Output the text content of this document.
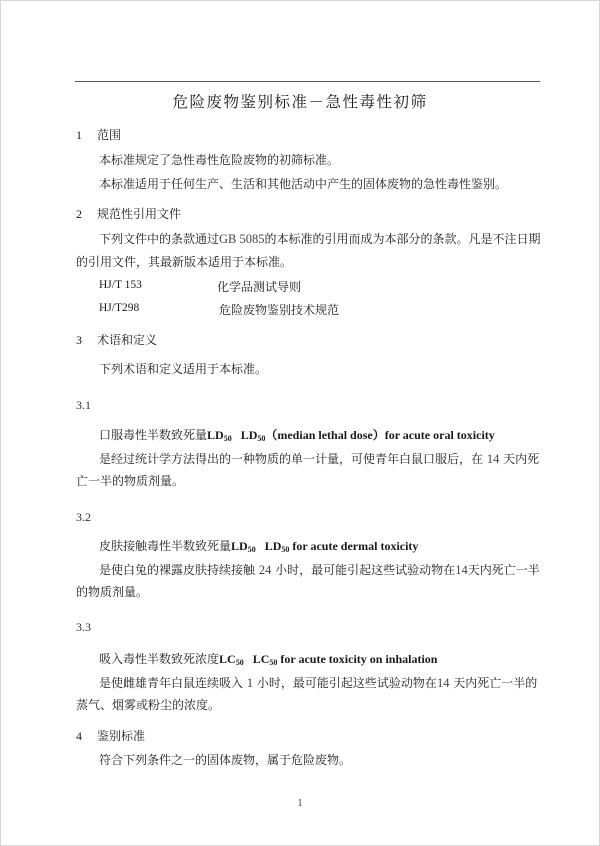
危险废物鉴别标准－急性毒性初筛
1 范围
本标准规定了急性毒性危险废物的初筛标准。
本标准适用于任何生产、生活和其他活动中产生的固体废物的急性毒性鉴别。
2 规范性引用文件
下列文件中的条款通过GB 5085的本标准的引用而成为本部分的条款。凡是不注日期
的引用文件，其最新版本适用于本标准。
HJ/T 153	化学品测试导则
HJ/T298	危险废物鉴别技术规范
3 术语和定义
下列术语和定义适用于本标准。
3.1
口服毒性半数致死量$LD_{50}$ $LD_{50}(median$ lethal dose）for acute oral toxicity
是经过统计学方法得出的一种物质的单一计量，可使青年白鼠口服后，在 14 天内死
亡一半的物质剂量。
3.2
皮肤接触毒性半数致死量$LD_{50}$ $LD_{50}$ for acute dermal toxicity
是使白兔的裸露皮肤持续接触 24 小时，最可能引起这些试验动物在14天内死亡一半
的物质剂量。
3.3
吸入毒性半数致死浓度$LC_{50}$ $LC_{50}$ for acute toxicity on inhalation
是使雌雄青年白鼠连续吸入 1 小时，最可能引起这些试验动物在14 天内死亡一半的
蒸气、烟雾或粉尘的浓度。
4 鉴别标准
符合下列条件之一的固体废物，属于危险废物。
1
